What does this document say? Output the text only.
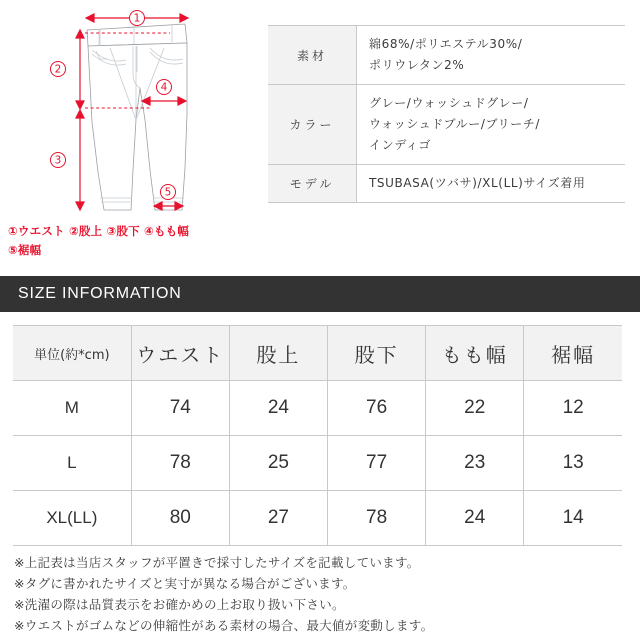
1
2
3
4
5
①ウエスト ②股上 ③股下 ④もも幅
⑤裾幅
素材	綿68%/ポリエステル30%/
ポリウレタン2%

カラー	グレー/ウォッシュドグレー/
ウォッシュドブルー/ブリーチ/
インディゴ

モデル	TSUBASA(ツバサ)/XL(LL)サイズ着用
SIZE INFORMATION
単位(約*cm)	ウエスト	股上	股下	もも幅	裾幅
M	74	24	76	22	12
L	78	25	77	23	13
XL(LL)	80	27	78	24	14
※上記表は当店スタッフが平置きで採寸したサイズを記載しています。
※タグに書かれたサイズと実寸が異なる場合がございます。
※洗濯の際は品質表示をお確かめの上お取り扱い下さい。
※ウエストがゴムなどの伸縮性がある素材の場合、最大値が変動します。
